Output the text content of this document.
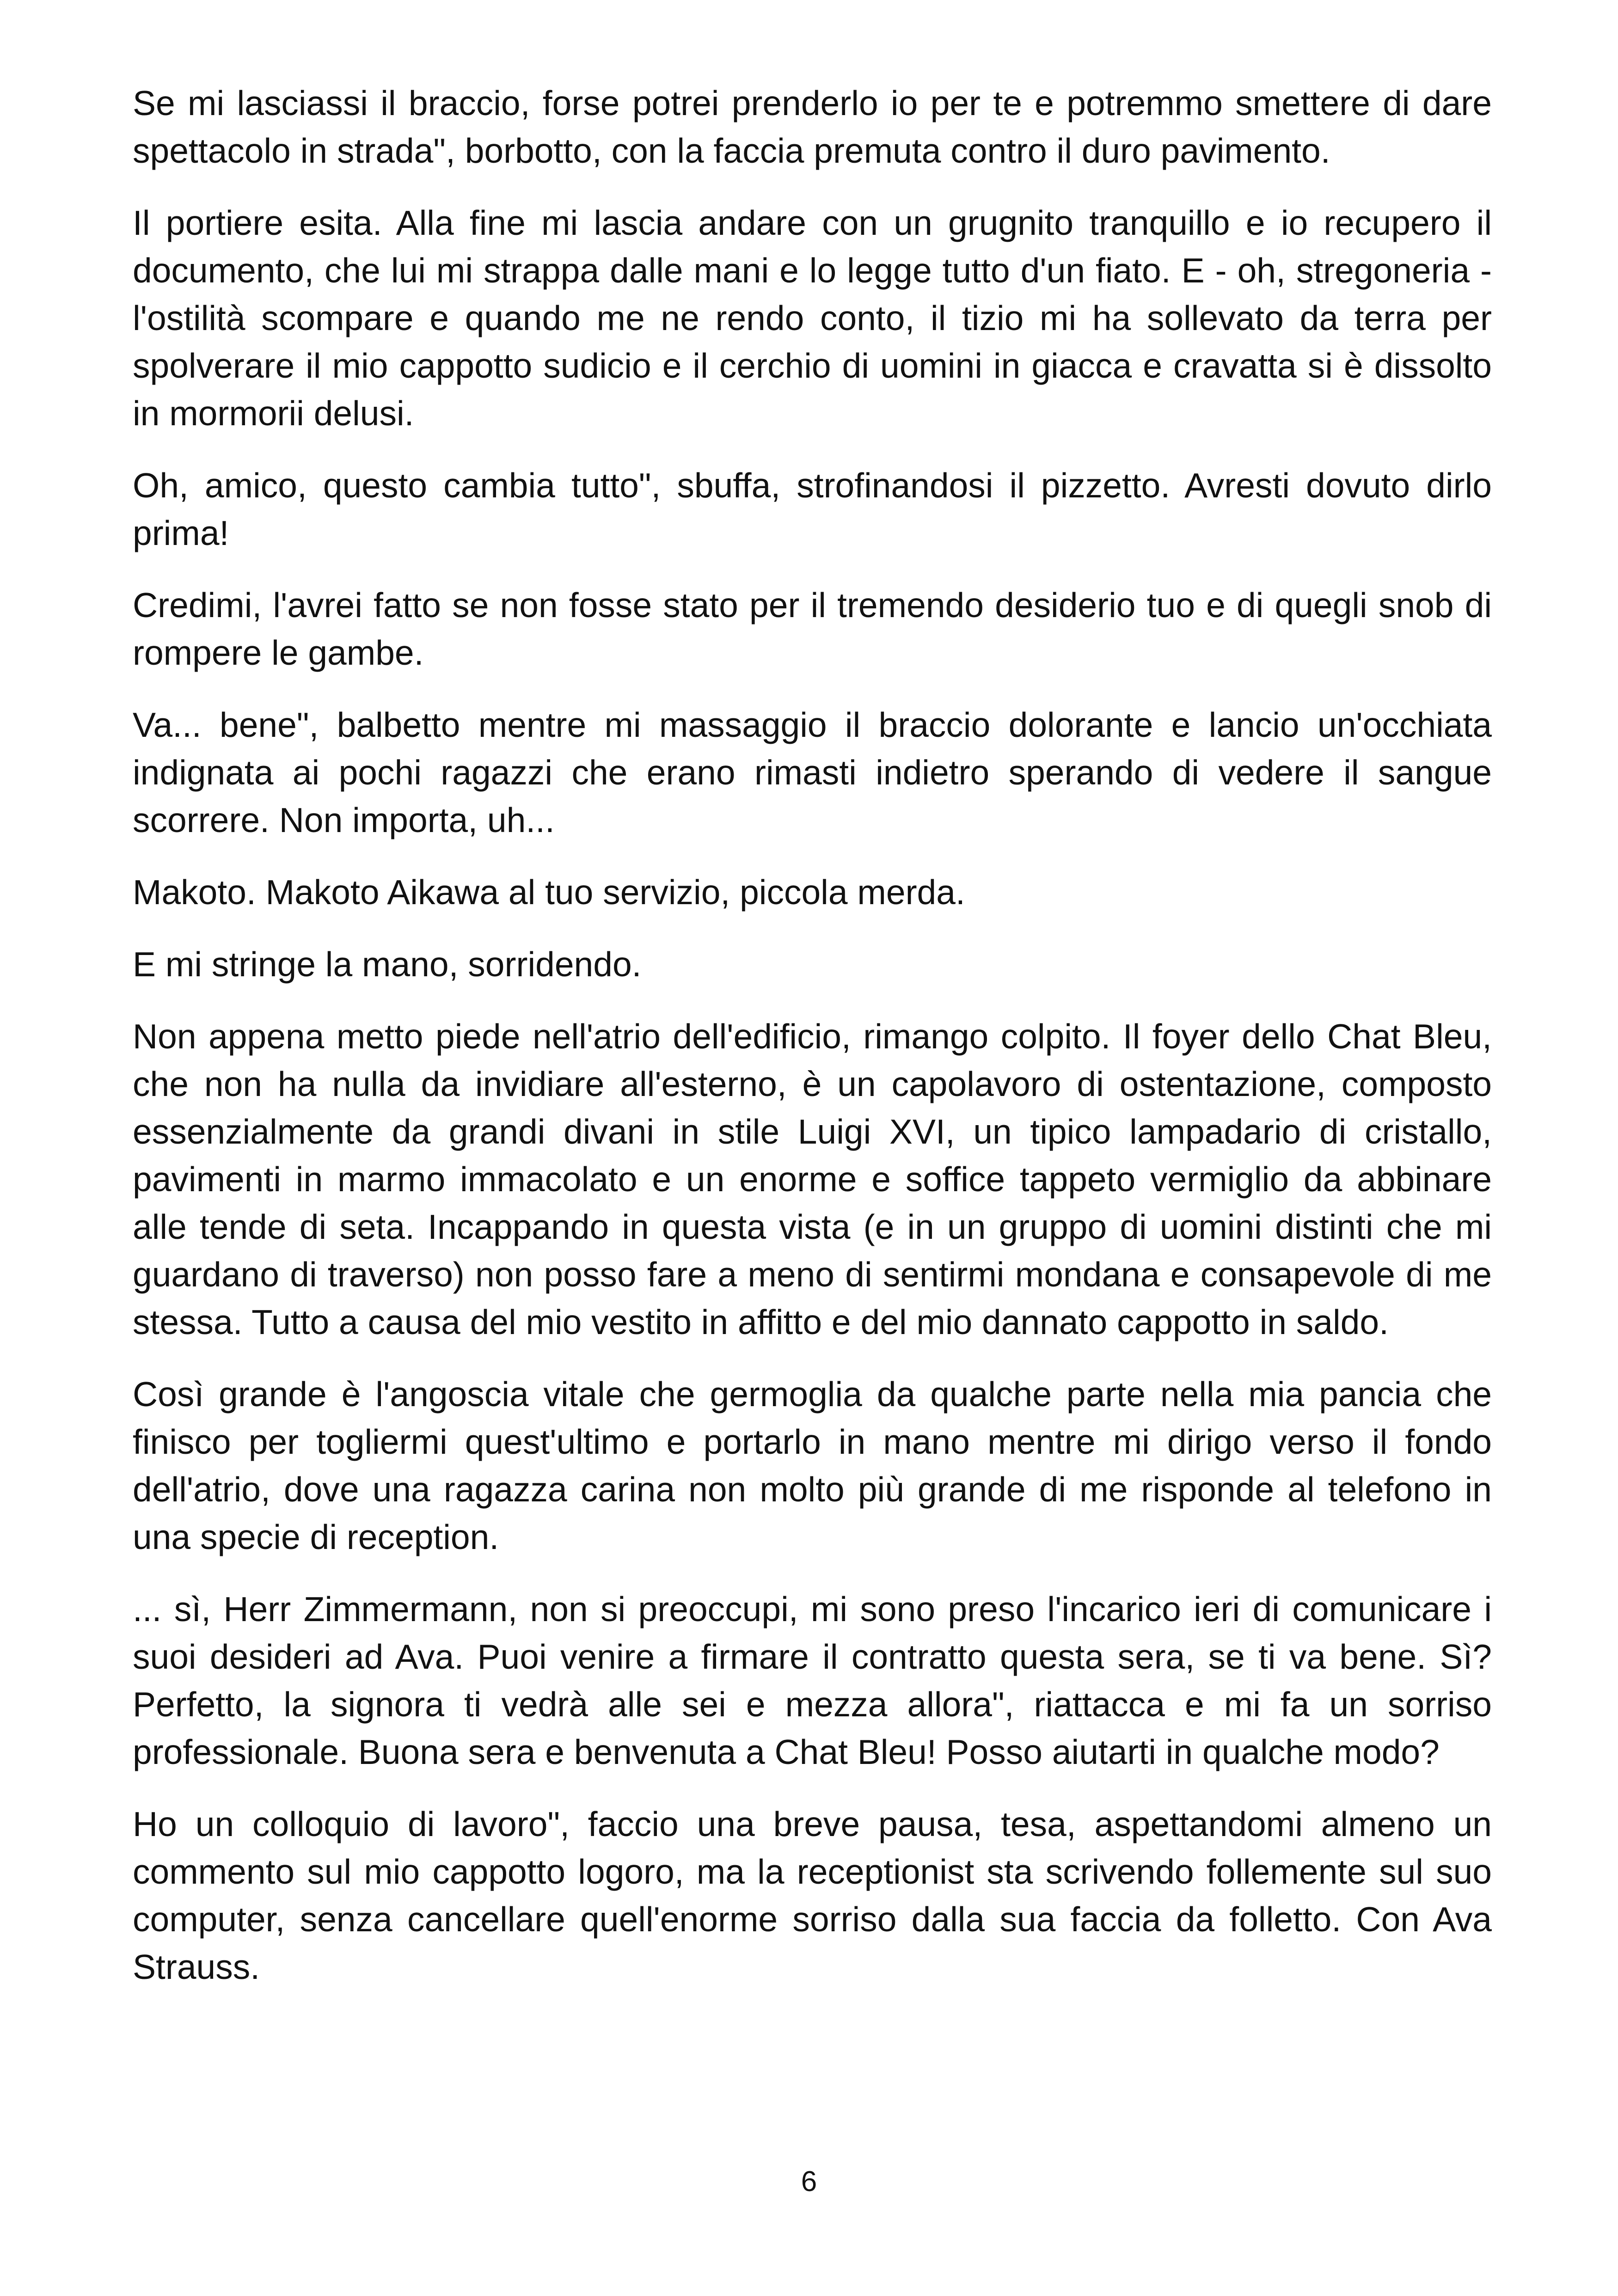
Se mi lasciassi il braccio, forse potrei prenderlo io per te e potremmo smettere di dare spettacolo in strada", borbotto, con la faccia premuta contro il duro pavimento.

Il portiere esita. Alla fine mi lascia andare con un grugnito tranquillo e io recupero il documento, che lui mi strappa dalle mani e lo legge tutto d'un fiato. E - oh, stregoneria - l'ostilità scompare e quando me ne rendo conto, il tizio mi ha sollevato da terra per spolverare il mio cappotto sudicio e il cerchio di uomini in giacca e cravatta si è dissolto in mormorii delusi.

Oh, amico, questo cambia tutto", sbuffa, strofinandosi il pizzetto. Avresti dovuto dirlo prima!

Credimi, l'avrei fatto se non fosse stato per il tremendo desiderio tuo e di quegli snob di rompere le gambe.

Va... bene", balbetto mentre mi massaggio il braccio dolorante e lancio un'occhiata indignata ai pochi ragazzi che erano rimasti indietro sperando di vedere il sangue scorrere. Non importa, uh...

Makoto. Makoto Aikawa al tuo servizio, piccola merda.

E mi stringe la mano, sorridendo.

Non appena metto piede nell'atrio dell'edificio, rimango colpito. Il foyer dello Chat Bleu, che non ha nulla da invidiare all'esterno, è un capolavoro di ostentazione, composto essenzialmente da grandi divani in stile Luigi XVI, un tipico lampadario di cristallo, pavimenti in marmo immacolato e un enorme e soffice tappeto vermiglio da abbinare alle tende di seta. Incappando in questa vista (e in un gruppo di uomini distinti che mi guardano di traverso) non posso fare a meno di sentirmi mondana e consapevole di me stessa. Tutto a causa del mio vestito in affitto e del mio dannato cappotto in saldo.

Così grande è l'angoscia vitale che germoglia da qualche parte nella mia pancia che finisco per togliermi quest'ultimo e portarlo in mano mentre mi dirigo verso il fondo dell'atrio, dove una ragazza carina non molto più grande di me risponde al telefono in una specie di reception.

... sì, Herr Zimmermann, non si preoccupi, mi sono preso l'incarico ieri di comunicare i suoi desideri ad Ava. Puoi venire a firmare il contratto questa sera, se ti va bene. Sì? Perfetto, la signora ti vedrà alle sei e mezza allora", riattacca e mi fa un sorriso professionale. Buona sera e benvenuta a Chat Bleu! Posso aiutarti in qualche modo?

Ho un colloquio di lavoro", faccio una breve pausa, tesa, aspettandomi almeno un commento sul mio cappotto logoro, ma la receptionist sta scrivendo follemente sul suo computer, senza cancellare quell'enorme sorriso dalla sua faccia da folletto. Con Ava Strauss.

6
